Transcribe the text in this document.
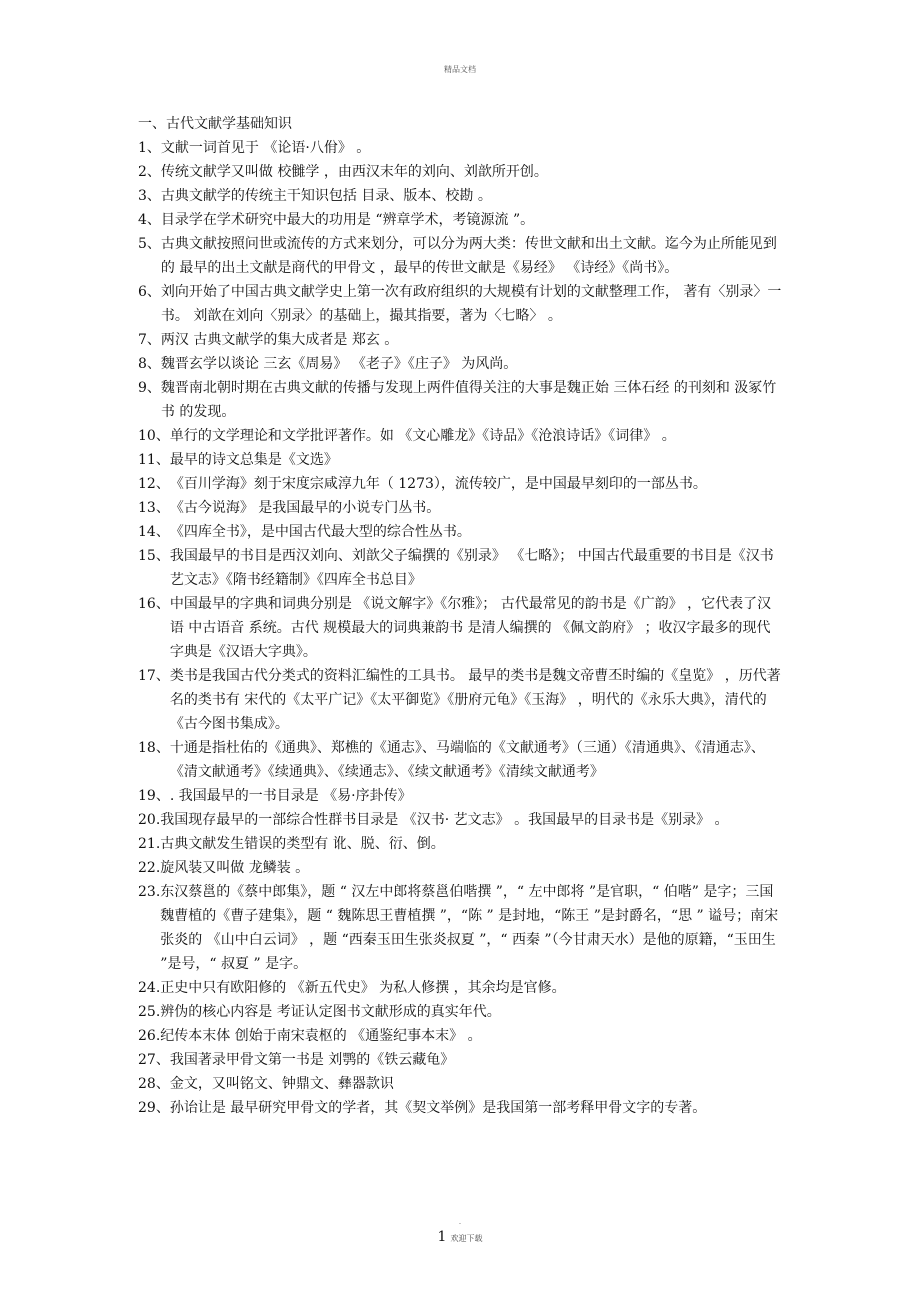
精品文档

一、古代文献学基础知识

1、 文献一词首见于 《论语·八佾》 。
2、 传统文献学又叫做 校雠学 ，由西汉末年的刘向、刘歆所开创。
3、 古典文献学的传统主干知识包括 目录、版本、校勘 。
4、 目录学在学术研究中最大的功用是 “辨章学术，考镜源流 ”。
5、 古典文献按照问世或流传的方式来划分，可以分为两大类：传世文献和出土文献。迄今为止所能见到的 最早的出土文献是商代的甲骨文 ，最早的传世文献是《易经》 《诗经》《尚书》。
6、 刘向开始了中国古典文献学史上第一次有政府组织的大规模有计划的文献整理工作， 著有〈别录〉一书。 刘歆在刘向〈别录〉的基础上，撮其指要，著为〈七略〉 。
7、 两汉 古典文献学的集大成者是 郑玄 。
8、 魏晋玄学以谈论 三玄《周易》 《老子》《庄子》 为风尚。
9、 魏晋南北朝时期在古典文献的传播与发现上两件值得关注的大事是魏正始 三体石经 的刊刻和 汲冢竹书 的发现。
10、 单行的文学理论和文学批评著作。如 《文心雕龙》《诗品》《沧浪诗话》《词律》 。
11、 最早的诗文总集是《文选》
12、 《百川学海》刻于宋度宗咸淳九年（ 1273），流传较广，是中国最早刻印的一部丛书。
13、 《古今说海》 是我国最早的小说专门丛书。
14、 《四库全书》，是中国古代最大型的综合性丛书。
15、 我国最早的书目是西汉刘向、刘歆父子编撰的《别录》 《七略》； 中国古代最重要的书目是《汉书艺文志》《隋书经籍制》《四库全书总目》
16、 中国最早的字典和词典分别是 《说文解字》《尔雅》； 古代最常见的韵书是《广韵》 ，它代表了汉语 中古语音 系统。古代 规模最大的词典兼韵书 是清人编撰的 《佩文韵府》 ；收汉字最多的现代字典是《汉语大字典》。
17、 类书是我国古代分类式的资料汇编性的工具书。 最早的类书是魏文帝曹丕时编的《皇览》 ，历代著名的类书有 宋代的《太平广记》《太平御览》《册府元龟》《玉海》 ，明代的《永乐大典》，清代的《古今图书集成》。
18、 十通是指杜佑的《通典》、郑樵的《通志》、马端临的《文献通考》（三通）《清通典》、《清通志》、《清文献通考》《续通典》、《续通志》、《续文献通考》《清续文献通考》
19、 . 我国最早的一书目录是 《易·序卦传》
20. 我国现存最早的一部综合性群书目录是 《汉书· 艺文志》 。我国最早的目录书是《别录》 。
21. 古典文献发生错误的类型有 讹、脱、衍、倒。
22. 旋风装又叫做 龙鳞装 。
23. 东汉蔡邕的《蔡中郎集》，题 “ 汉左中郎将蔡邕伯喈撰 ”，“ 左中郎将 ”是官职，“ 伯喈” 是字；三国魏曹植的《曹子建集》，题 “ 魏陈思王曹植撰 ”，“陈 ” 是封地，“陈王 ”是封爵名，“思 ” 谥号；南宋张炎的 《山中白云词》 ，题 “西秦玉田生张炎叔夏 ”，“ 西秦 ”（今甘肃天水）是他的原籍，“玉田生 ”是号，“ 叔夏 ” 是字。
24. 正史中只有欧阳修的 《新五代史》 为私人修撰 ，其余均是官修。
25. 辨伪的核心内容是 考证认定图书文献形成的真实年代。
26. 纪传本末体 创始于南宋袁枢的 《通鉴纪事本末》 。
27、 我国著录甲骨文第一书是 刘鹗的《铁云藏龟》
28、 金文，又叫铭文、钟鼎文、彝器款识
29、 孙诒让是 最早研究甲骨文的学者，其《契文举例》是我国第一部考释甲骨文字的专著。
.
1 欢迎下载
